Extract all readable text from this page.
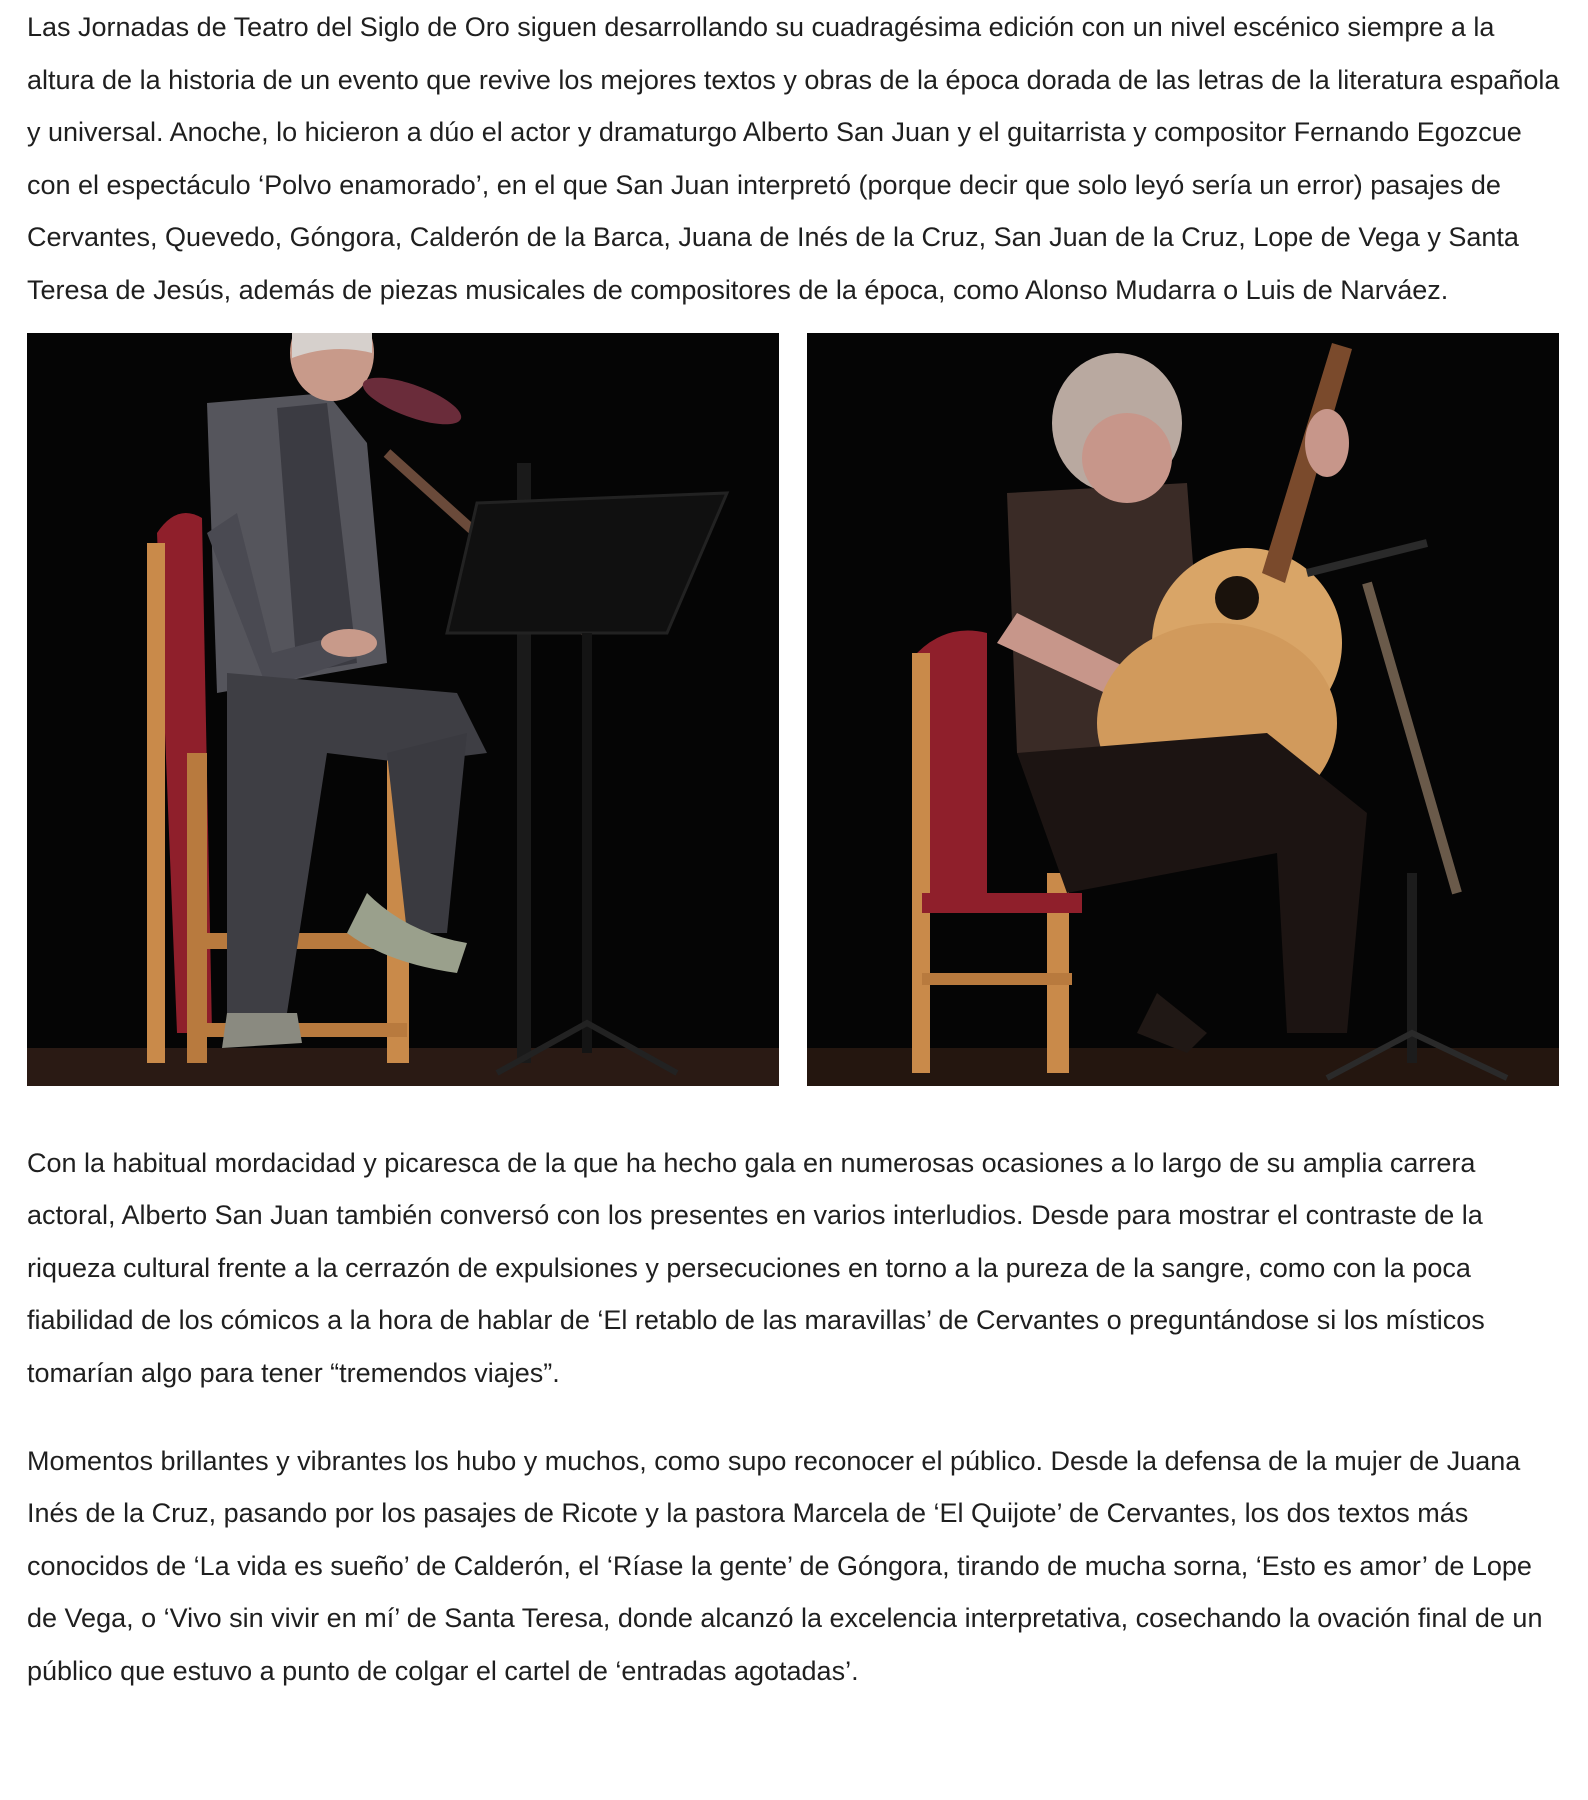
Las Jornadas de Teatro del Siglo de Oro siguen desarrollando su cuadragésima edición con un nivel escénico siempre a la altura de la historia de un evento que revive los mejores textos y obras de la época dorada de las letras de la literatura española y universal. Anoche, lo hicieron a dúo el actor y dramaturgo Alberto San Juan y el guitarrista y compositor Fernando Egozcue con el espectáculo ‘Polvo enamorado’, en el que San Juan interpretó (porque decir que solo leyó sería un error) pasajes de Cervantes, Quevedo, Góngora, Calderón de la Barca, Juana de Inés de la Cruz, San Juan de la Cruz, Lope de Vega y Santa Teresa de Jesús, además de piezas musicales de compositores de la época, como Alonso Mudarra o Luis de Narváez.

Con la habitual mordacidad y picaresca de la que ha hecho gala en numerosas ocasiones a lo largo de su amplia carrera actoral, Alberto San Juan también conversó con los presentes en varios interludios. Desde para mostrar el contraste de la riqueza cultural frente a la cerrazón de expulsiones y persecuciones en torno a la pureza de la sangre, como con la poca fiabilidad de los cómicos a la hora de hablar de ‘El retablo de las maravillas’ de Cervantes o preguntándose si los místicos tomarían algo para tener “tremendos viajes”.

Momentos brillantes y vibrantes los hubo y muchos, como supo reconocer el público. Desde la defensa de la mujer de Juana Inés de la Cruz, pasando por los pasajes de Ricote y la pastora Marcela de ‘El Quijote’ de Cervantes, los dos textos más conocidos de ‘La vida es sueño’ de Calderón, el ‘Ríase la gente’ de Góngora, tirando de mucha sorna, ‘Esto es amor’ de Lope de Vega, o ‘Vivo sin vivir en mí’ de Santa Teresa, donde alcanzó la excelencia interpretativa, cosechando la ovación final de un público que estuvo a punto de colgar el cartel de ‘entradas agotadas’.
